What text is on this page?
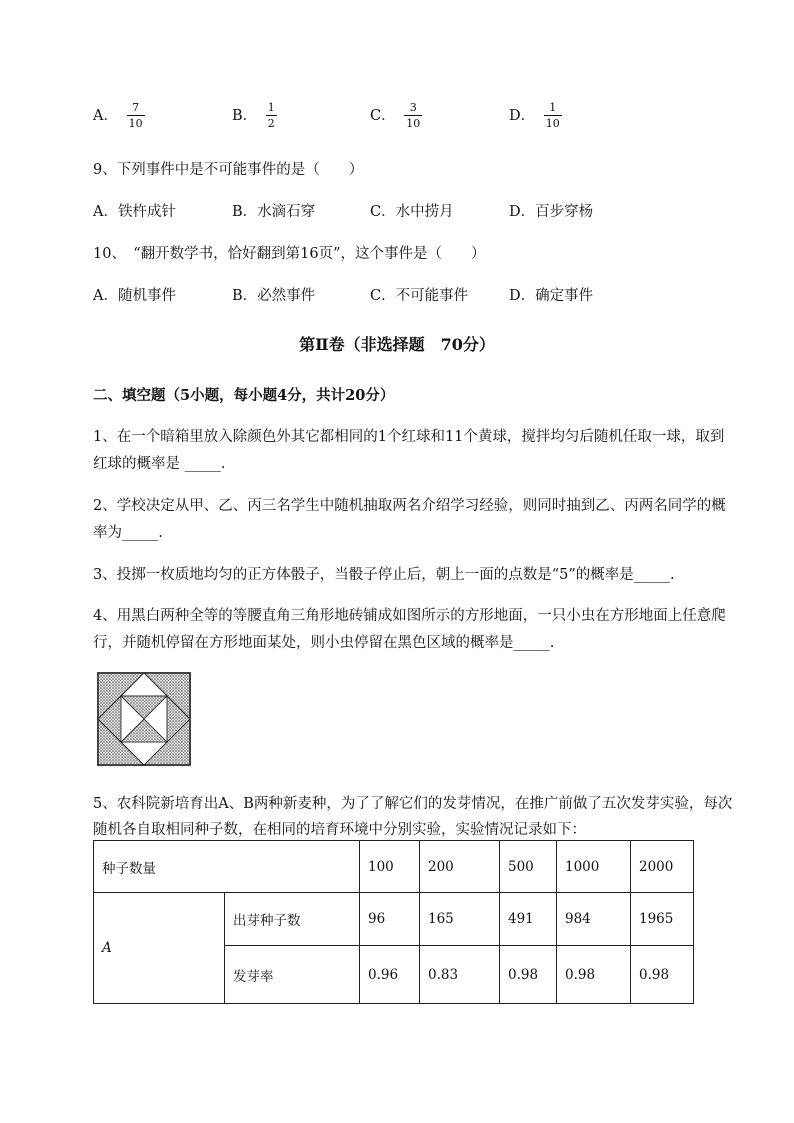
A． $\frac{7}{10}$	B． $\frac{1}{2}$	C． $\frac{3}{10}$	D． $\frac{1}{10}$
9、下列事件中是不可能事件的是（　　）
A．铁杵成针	B．水滴石穿	C．水中捞月	D．百步穿杨
10、　“翻开数学书，恰好翻到第16页”，这个事件是（　　）
A．随机事件	B．必然事件	C．不可能事件	D．确定事件
第Ⅱ卷（非选择题　70分）
二、填空题（5小题，每小题4分，共计20分）
1、在一个暗箱里放入除颜色外其它都相同的1个红球和11个黄球，搅拌均匀后随机任取一球，取到
红球的概率是 _____.
2、学校决定从甲、乙、丙三名学生中随机抽取两名介绍学习经验，则同时抽到乙、丙两名同学的概
率为_____.
3、投掷一枚质地均匀的正方体骰子，当骰子停止后，朝上一面的点数是“5”的概率是_____.
4、用黑白两种全等的等腰直角三角形地砖铺成如图所示的方形地面，一只小虫在方形地面上任意爬
行，并随机停留在方形地面某处，则小虫停留在黑色区域的概率是_____.
5、农科院新培育出A、B两种新麦种，为了了解它们的发芽情况，在推广前做了五次发芽实验，每次
随机各自取相同种子数，在相同的培育环境中分别实验，实验情况记录如下：
种子数量		100	200	500	1000	2000
A	出芽种子数	96	165	491	984	1965
	发芽率	0.96	0.83	0.98	0.98	0.98
